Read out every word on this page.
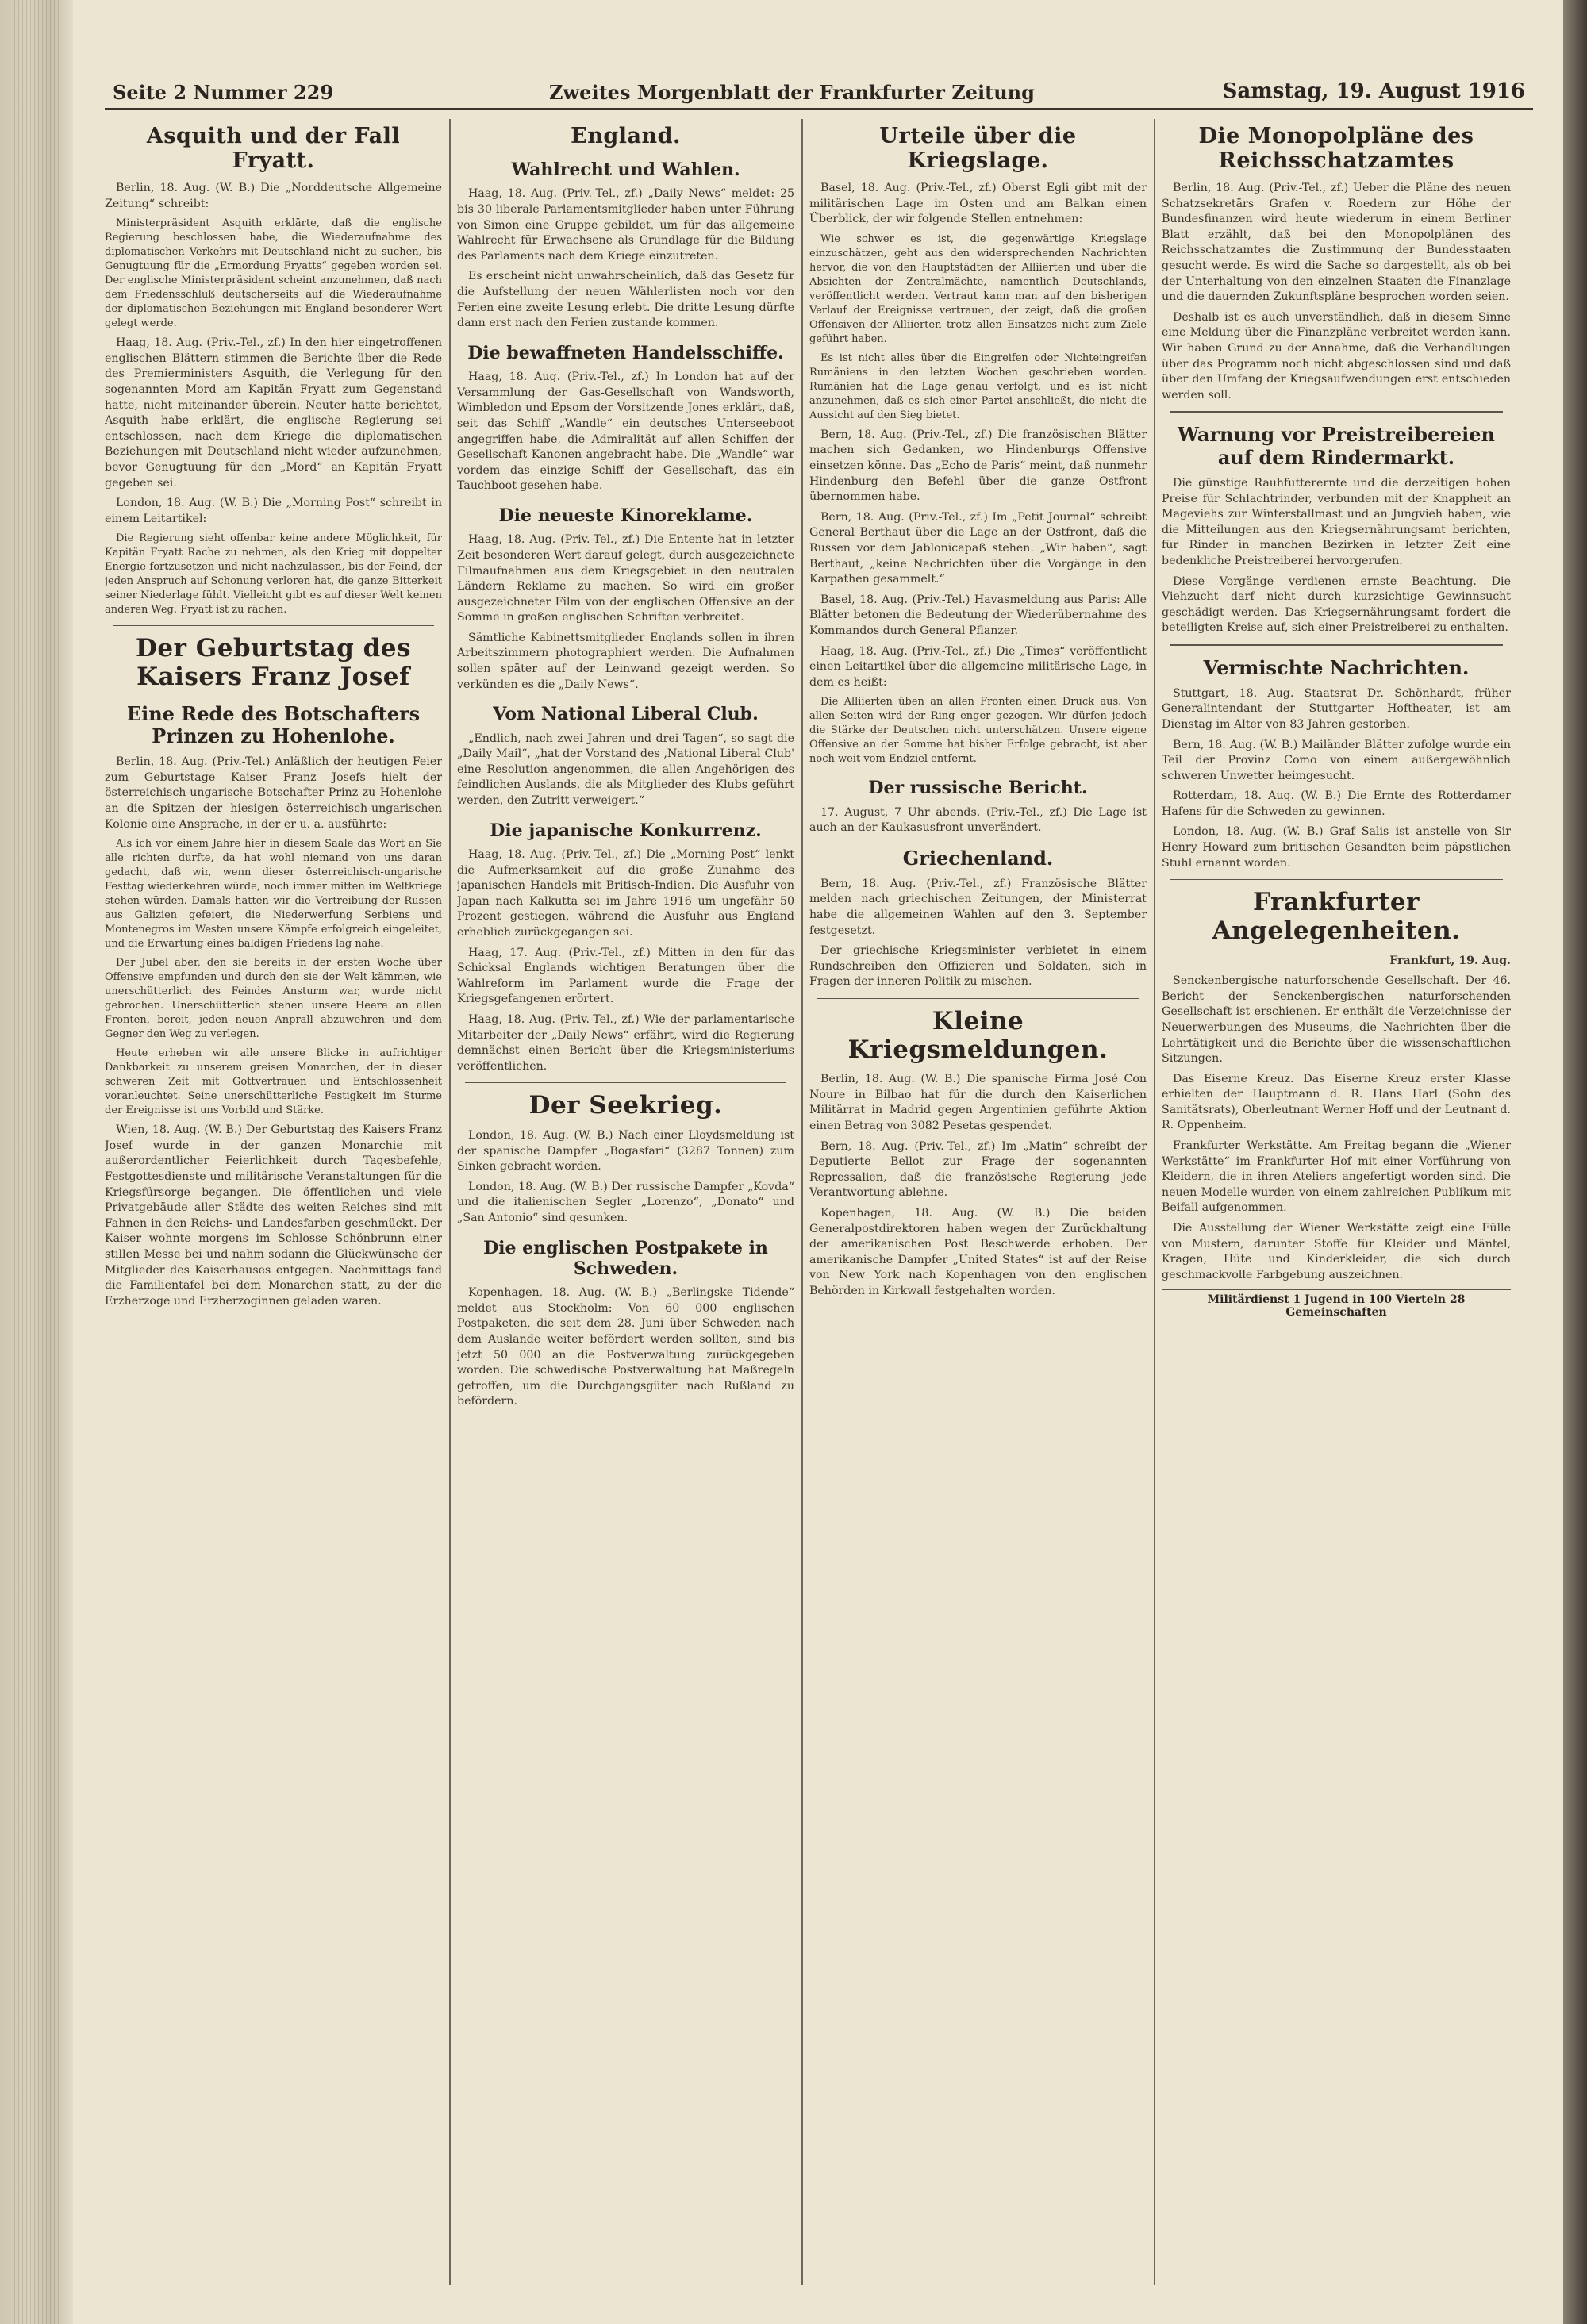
Seite 2 Nummer 229	Zweites Morgenblatt der Frankfurter Zeitung	Samstag, 19. August 1916
Asquith und der Fall Fryatt.

Berlin, 18. Aug. (W. B.) Die „Norddeutsche Allgemeine Zeitung“ schreibt:

Ministerpräsident Asquith erklärte, daß die englische Regierung beschlossen habe, die Wiederaufnahme des diplomatischen Verkehrs mit Deutschland nicht zu suchen, bis Genugtuung für die „Ermordung Fryatts“ gegeben worden sei. Der englische Ministerpräsident scheint anzunehmen, daß nach dem Friedensschluß deutscherseits auf die Wiederaufnahme der diplomatischen Beziehungen mit England besonderer Wert gelegt werde.

Haag, 18. Aug. (Priv.-Tel., zf.) In den hier eingetroffenen englischen Blättern stimmen die Berichte über die Rede des Premierministers Asquith, die Verlegung für den sogenannten Mord am Kapitän Fryatt zum Gegenstand hatte, nicht miteinander überein. Neuter hatte berichtet, Asquith habe erklärt, die englische Regierung sei entschlossen, nach dem Kriege die diplomatischen Beziehungen mit Deutschland nicht wieder aufzunehmen, bevor Genugtuung für den „Mord“ an Kapitän Fryatt gegeben sei.

London, 18. Aug. (W. B.) Die „Morning Post“ schreibt in einem Leitartikel:

Die Regierung sieht offenbar keine andere Möglichkeit, für Kapitän Fryatt Rache zu nehmen, als den Krieg mit doppelter Energie fortzusetzen und nicht nachzulassen, bis der Feind, der jeden Anspruch auf Schonung verloren hat, die ganze Bitterkeit seiner Niederlage fühlt. Vielleicht gibt es auf dieser Welt keinen anderen Weg. Fryatt ist zu rächen.

Der Geburtstag des Kaisers Franz Josef
Eine Rede des Botschafters Prinzen zu Hohenlohe.

Berlin, 18. Aug. (Priv.-Tel.) Anläßlich der heutigen Feier zum Geburtstage Kaiser Franz Josefs hielt der österreichisch-ungarische Botschafter Prinz zu Hohenlohe an die Spitzen der hiesigen österreichisch-ungarischen Kolonie eine Ansprache, in der er u. a. ausführte:

Als ich vor einem Jahre hier in diesem Saale das Wort an Sie alle richten durfte, da hat wohl niemand von uns daran gedacht, daß wir, wenn dieser österreichisch-ungarische Festtag wiederkehren würde, noch immer mitten im Weltkriege stehen würden. Damals hatten wir die Vertreibung der Russen aus Galizien gefeiert, die Niederwerfung Serbiens und Montenegros im Westen unsere Kämpfe erfolgreich eingeleitet, und die Erwartung eines baldigen Friedens lag nahe.

Der Jubel aber, den sie bereits in der ersten Woche über Offensive empfunden und durch den sie der Welt kämmen, wie unerschütterlich des Feindes Ansturm war, wurde nicht gebrochen. Unerschütterlich stehen unsere Heere an allen Fronten, bereit, jeden neuen Anprall abzuwehren und dem Gegner den Weg zu verlegen.

Heute erheben wir alle unsere Blicke in aufrichtiger Dankbarkeit zu unserem greisen Monarchen, der in dieser schweren Zeit mit Gottvertrauen und Entschlossenheit voranleuchtet. Seine unerschütterliche Festigkeit im Sturme der Ereignisse ist uns Vorbild und Stärke.

Wien, 18. Aug. (W. B.) Der Geburtstag des Kaisers Franz Josef wurde in der ganzen Monarchie mit außerordentlicher Feierlichkeit durch Tagesbefehle, Festgottesdienste und militärische Veranstaltungen für die Kriegsfürsorge begangen. Die öffentlichen und viele Privatgebäude aller Städte des weiten Reiches sind mit Fahnen in den Reichs- und Landesfarben geschmückt. Der Kaiser wohnte morgens im Schlosse Schönbrunn einer stillen Messe bei und nahm sodann die Glückwünsche der Mitglieder des Kaiserhauses entgegen. Nachmittags fand die Familientafel bei dem Monarchen statt, zu der die Erzherzoge und Erzherzoginnen geladen waren.

England.
Wahlrecht und Wahlen.

Haag, 18. Aug. (Priv.-Tel., zf.) „Daily News“ meldet: 25 bis 30 liberale Parlamentsmitglieder haben unter Führung von Simon eine Gruppe gebildet, um für das allgemeine Wahlrecht für Erwachsene als Grundlage für die Bildung des Parlaments nach dem Kriege einzutreten.

Es erscheint nicht unwahrscheinlich, daß das Gesetz für die Aufstellung der neuen Wählerlisten noch vor den Ferien eine zweite Lesung erlebt. Die dritte Lesung dürfte dann erst nach den Ferien zustande kommen.

Die bewaffneten Handelsschiffe.

Haag, 18. Aug. (Priv.-Tel., zf.) In London hat auf der Versammlung der Gas-Gesellschaft von Wandsworth, Wimbledon und Epsom der Vorsitzende Jones erklärt, daß, seit das Schiff „Wandle“ ein deutsches Unterseeboot angegriffen habe, die Admiralität auf allen Schiffen der Gesellschaft Kanonen angebracht habe. Die „Wandle“ war vordem das einzige Schiff der Gesellschaft, das ein Tauchboot gesehen habe.

Die neueste Kinoreklame.

Haag, 18. Aug. (Priv.-Tel., zf.) Die Entente hat in letzter Zeit besonderen Wert darauf gelegt, durch ausgezeichnete Filmaufnahmen aus dem Kriegsgebiet in den neutralen Ländern Reklame zu machen. So wird ein großer ausgezeichneter Film von der englischen Offensive an der Somme in großen englischen Schriften verbreitet.

Sämtliche Kabinettsmitglieder Englands sollen in ihren Arbeitszimmern photographiert werden. Die Aufnahmen sollen später auf der Leinwand gezeigt werden. So verkünden es die „Daily News“.

Vom National Liberal Club.

„Endlich, nach zwei Jahren und drei Tagen“, so sagt die „Daily Mail“, „hat der Vorstand des ,National Liberal Club' eine Resolution angenommen, die allen Angehörigen des feindlichen Auslands, die als Mitglieder des Klubs geführt werden, den Zutritt verweigert.“

Die japanische Konkurrenz.

Haag, 18. Aug. (Priv.-Tel., zf.) Die „Morning Post“ lenkt die Aufmerksamkeit auf die große Zunahme des japanischen Handels mit Britisch-Indien. Die Ausfuhr von Japan nach Kalkutta sei im Jahre 1916 um ungefähr 50 Prozent gestiegen, während die Ausfuhr aus England erheblich zurückgegangen sei.

Haag, 17. Aug. (Priv.-Tel., zf.) Mitten in den für das Schicksal Englands wichtigen Beratungen über die Wahlreform im Parlament wurde die Frage der Kriegsgefangenen erörtert.

Haag, 18. Aug. (Priv.-Tel., zf.) Wie der parlamentarische Mitarbeiter der „Daily News“ erfährt, wird die Regierung demnächst einen Bericht über die Kriegsministeriums veröffentlichen.

Der Seekrieg.

London, 18. Aug. (W. B.) Nach einer Lloydsmeldung ist der spanische Dampfer „Bogasfari“ (3287 Tonnen) zum Sinken gebracht worden.

London, 18. Aug. (W. B.) Der russische Dampfer „Kovda“ und die italienischen Segler „Lorenzo“, „Donato“ und „San Antonio“ sind gesunken.

Die englischen Postpakete in Schweden.

Kopenhagen, 18. Aug. (W. B.) „Berlingske Tidende“ meldet aus Stockholm: Von 60 000 englischen Postpaketen, die seit dem 28. Juni über Schweden nach dem Auslande weiter befördert werden sollten, sind bis jetzt 50 000 an die Postverwaltung zurückgegeben worden. Die schwedische Postverwaltung hat Maßregeln getroffen, um die Durchgangsgüter nach Rußland zu befördern.

Urteile über die Kriegslage.

Basel, 18. Aug. (Priv.-Tel., zf.) Oberst Egli gibt mit der militärischen Lage im Osten und am Balkan einen Überblick, der wir folgende Stellen entnehmen:

Wie schwer es ist, die gegenwärtige Kriegslage einzuschätzen, geht aus den widersprechenden Nachrichten hervor, die von den Hauptstädten der Alliierten und über die Absichten der Zentralmächte, namentlich Deutschlands, veröffentlicht werden. Vertraut kann man auf den bisherigen Verlauf der Ereignisse vertrauen, der zeigt, daß die großen Offensiven der Alliierten trotz allen Einsatzes nicht zum Ziele geführt haben.

Es ist nicht alles über die Eingreifen oder Nichteingreifen Rumäniens in den letzten Wochen geschrieben worden. Rumänien hat die Lage genau verfolgt, und es ist nicht anzunehmen, daß es sich einer Partei anschließt, die nicht die Aussicht auf den Sieg bietet.

Bern, 18. Aug. (Priv.-Tel., zf.) Die französischen Blätter machen sich Gedanken, wo Hindenburgs Offensive einsetzen könne. Das „Echo de Paris“ meint, daß nunmehr Hindenburg den Befehl über die ganze Ostfront übernommen habe.

Bern, 18. Aug. (Priv.-Tel., zf.) Im „Petit Journal“ schreibt General Berthaut über die Lage an der Ostfront, daß die Russen vor dem Jablonicapaß stehen. „Wir haben“, sagt Berthaut, „keine Nachrichten über die Vorgänge in den Karpathen gesammelt.“

Basel, 18. Aug. (Priv.-Tel.) Havasmeldung aus Paris: Alle Blätter betonen die Bedeutung der Wiederübernahme des Kommandos durch General Pflanzer.

Haag, 18. Aug. (Priv.-Tel., zf.) Die „Times“ veröffentlicht einen Leitartikel über die allgemeine militärische Lage, in dem es heißt:

Die Alliierten üben an allen Fronten einen Druck aus. Von allen Seiten wird der Ring enger gezogen. Wir dürfen jedoch die Stärke der Deutschen nicht unterschätzen. Unsere eigene Offensive an der Somme hat bisher Erfolge gebracht, ist aber noch weit vom Endziel entfernt.

Der russische Bericht.

17. August, 7 Uhr abends. (Priv.-Tel., zf.) Die Lage ist auch an der Kaukasusfront unverändert.

Griechenland.

Bern, 18. Aug. (Priv.-Tel., zf.) Französische Blätter melden nach griechischen Zeitungen, der Ministerrat habe die allgemeinen Wahlen auf den 3. September festgesetzt.

Der griechische Kriegsminister verbietet in einem Rundschreiben den Offizieren und Soldaten, sich in Fragen der inneren Politik zu mischen.

Kleine Kriegsmeldungen.

Berlin, 18. Aug. (W. B.) Die spanische Firma José Con Noure in Bilbao hat für die durch den Kaiserlichen Militärrat in Madrid gegen Argentinien geführte Aktion einen Betrag von 3082 Pesetas gespendet.

Bern, 18. Aug. (Priv.-Tel., zf.) Im „Matin“ schreibt der Deputierte Bellot zur Frage der sogenannten Repressalien, daß die französische Regierung jede Verantwortung ablehne.

Kopenhagen, 18. Aug. (W. B.) Die beiden Generalpostdirektoren haben wegen der Zurückhaltung der amerikanischen Post Beschwerde erhoben. Der amerikanische Dampfer „United States“ ist auf der Reise von New York nach Kopenhagen von den englischen Behörden in Kirkwall festgehalten worden.

Die Monopolpläne des Reichsschatzamtes

Berlin, 18. Aug. (Priv.-Tel., zf.) Ueber die Pläne des neuen Schatzsekretärs Grafen v. Roedern zur Höhe der Bundesfinanzen wird heute wiederum in einem Berliner Blatt erzählt, daß bei den Monopolplänen des Reichsschatzamtes die Zustimmung der Bundesstaaten gesucht werde. Es wird die Sache so dargestellt, als ob bei der Unterhaltung von den einzelnen Staaten die Finanzlage und die dauernden Zukunftspläne besprochen worden seien.

Deshalb ist es auch unverständlich, daß in diesem Sinne eine Meldung über die Finanzpläne verbreitet werden kann. Wir haben Grund zu der Annahme, daß die Verhandlungen über das Programm noch nicht abgeschlossen sind und daß über den Umfang der Kriegsaufwendungen erst entschieden werden soll.

Warnung vor Preistreibereien auf dem Rindermarkt.

Die günstige Rauhfutterernte und die derzeitigen hohen Preise für Schlachtrinder, verbunden mit der Knappheit an Mageviehs zur Winterstallmast und an Jungvieh haben, wie die Mitteilungen aus den Kriegsernährungsamt berichten, für Rinder in manchen Bezirken in letzter Zeit eine bedenkliche Preistreiberei hervorgerufen.

Diese Vorgänge verdienen ernste Beachtung. Die Viehzucht darf nicht durch kurzsichtige Gewinnsucht geschädigt werden. Das Kriegsernährungsamt fordert die beteiligten Kreise auf, sich einer Preistreiberei zu enthalten.

Vermischte Nachrichten.

Stuttgart, 18. Aug. Staatsrat Dr. Schönhardt, früher Generalintendant der Stuttgarter Hoftheater, ist am Dienstag im Alter von 83 Jahren gestorben.

Bern, 18. Aug. (W. B.) Mailänder Blätter zufolge wurde ein Teil der Provinz Como von einem außergewöhnlich schweren Unwetter heimgesucht.

Rotterdam, 18. Aug. (W. B.) Die Ernte des Rotterdamer Hafens für die Schweden zu gewinnen.

London, 18. Aug. (W. B.) Graf Salis ist anstelle von Sir Henry Howard zum britischen Gesandten beim päpstlichen Stuhl ernannt worden.

Frankfurter Angelegenheiten.

Frankfurt, 19. Aug.

Senckenbergische naturforschende Gesellschaft. Der 46. Bericht der Senckenbergischen naturforschenden Gesellschaft ist erschienen. Er enthält die Verzeichnisse der Neuerwerbungen des Museums, die Nachrichten über die Lehrtätigkeit und die Berichte über die wissenschaftlichen Sitzungen.

Das Eiserne Kreuz. Das Eiserne Kreuz erster Klasse erhielten der Hauptmann d. R. Hans Harl (Sohn des Sanitätsrats), Oberleutnant Werner Hoff und der Leutnant d. R. Oppenheim.

Frankfurter Werkstätte. Am Freitag begann die „Wiener Werkstätte“ im Frankfurter Hof mit einer Vorführung von Kleidern, die in ihren Ateliers angefertigt worden sind. Die neuen Modelle wurden von einem zahlreichen Publikum mit Beifall aufgenommen.

Die Ausstellung der Wiener Werkstätte zeigt eine Fülle von Mustern, darunter Stoffe für Kleider und Mäntel, Kragen, Hüte und Kinderkleider, die sich durch geschmackvolle Farbgebung auszeichnen.

Militärdienst 1 Jugend in 100 Vierteln 28 Gemeinschaften
